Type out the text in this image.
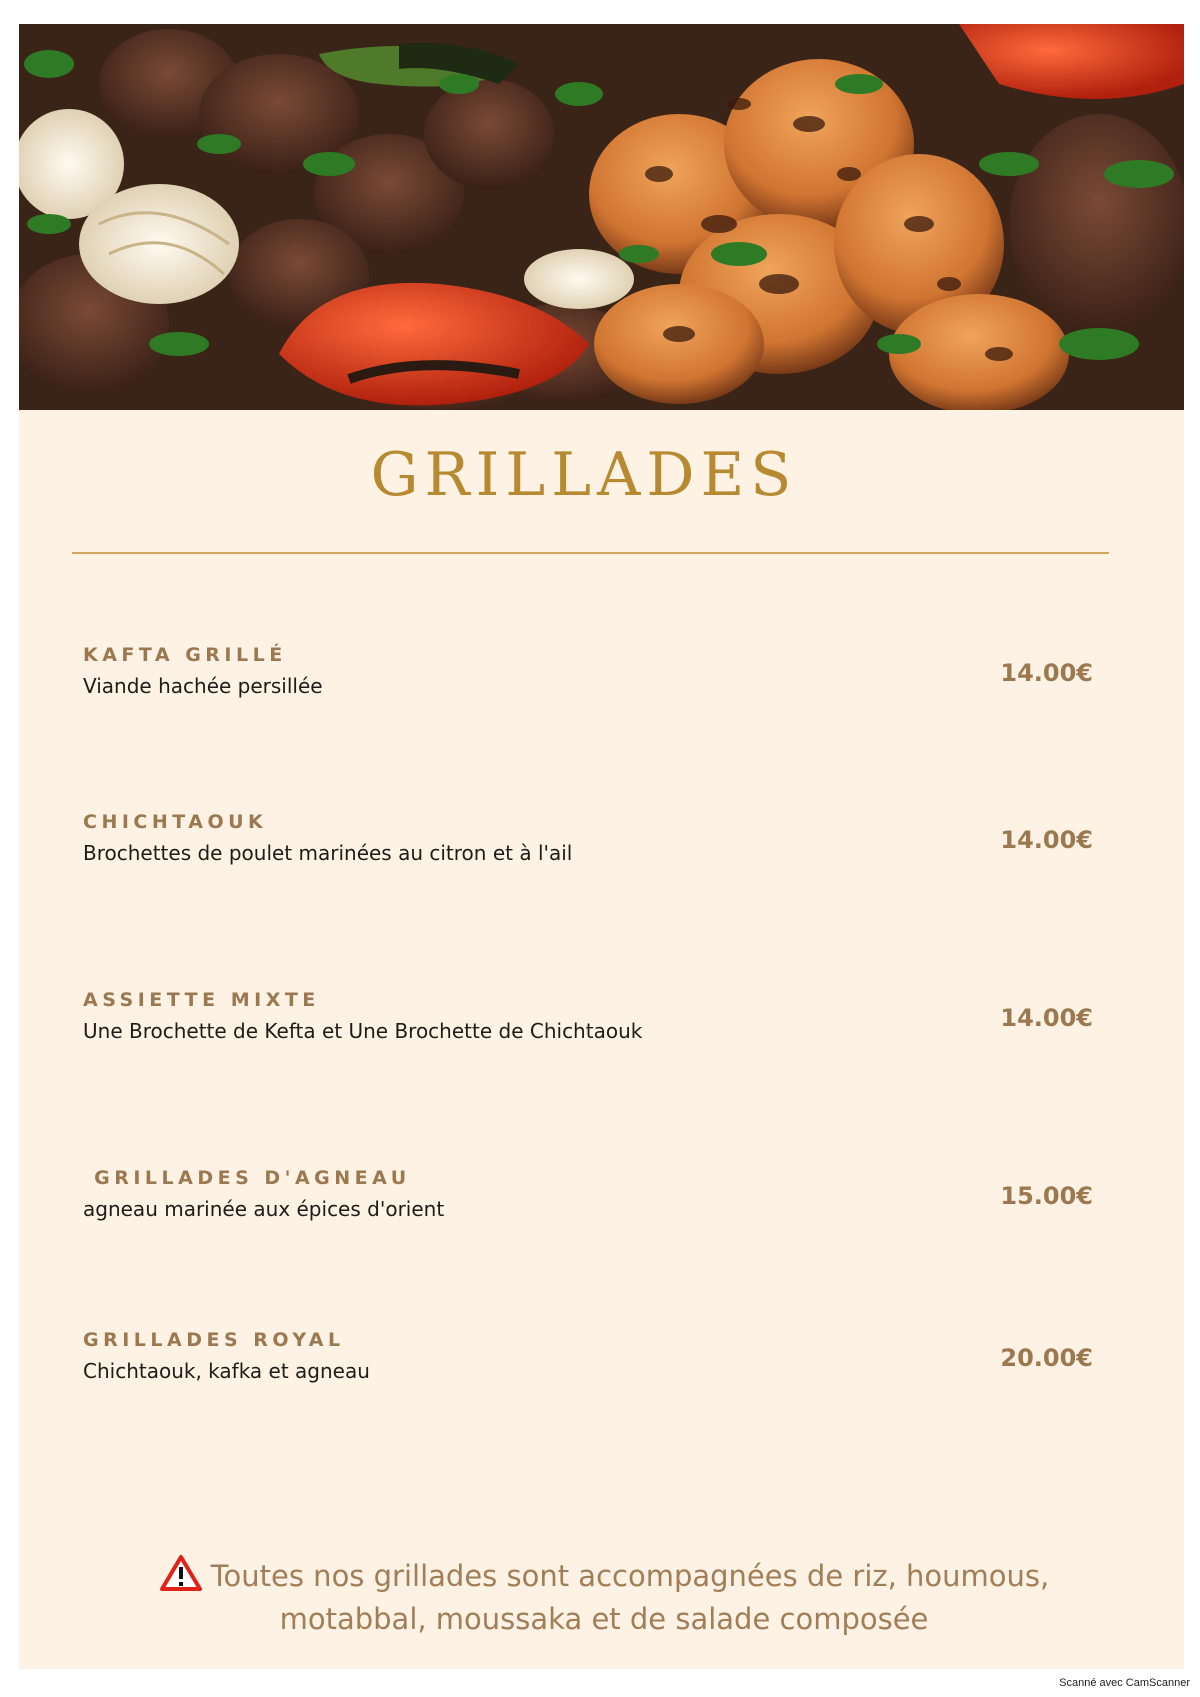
GRILLADES
KAFTA GRILLÉ
Viande hachée persillée	14.00€
CHICHTAOUK
Brochettes de poulet marinées au citron et à l'ail	14.00€
ASSIETTE MIXTE
Une Brochette de Kefta et Une Brochette de Chichtaouk	14.00€
GRILLADES D'AGNEAU
agneau marinée aux épices d'orient	15.00€
GRILLADES ROYAL
Chichtaouk, kafka et agneau	20.00€
Toutes nos grillades sont accompagnées de riz, houmous,
motabbal, moussaka et de salade composée
Scanné avec CamScanner
